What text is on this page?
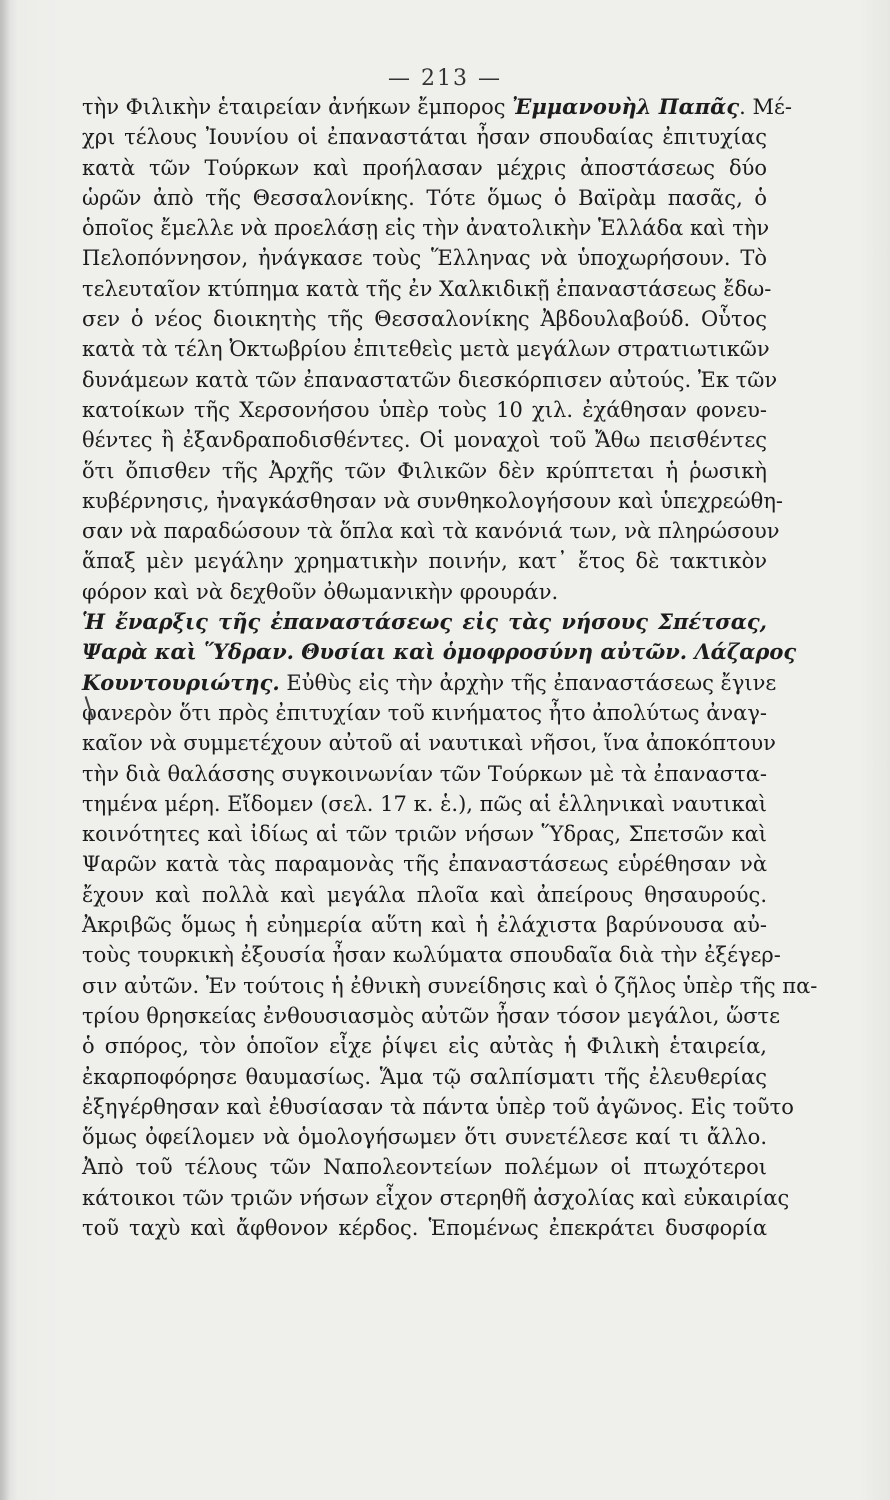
— 213 —
τὴν Φιλικὴν ἑταιρείαν ἀνήκων ἔμπορος Ἐμμανουὴλ Παπᾶς. Μέ-
χρι τέλους Ἰουνίου οἱ ἐπαναστάται ἦσαν σπουδαίας ἐπιτυχίας
κατὰ τῶν Τούρκων καὶ προήλασαν μέχρις ἀποστάσεως δύο
ὡρῶν ἀπὸ τῆς Θεσσαλονίκης. Τότε ὅμως ὁ Βαϊρὰμ πασᾶς, ὁ
ὁποῖος ἔμελλε νὰ προελάσῃ εἰς τὴν ἀνατολικὴν Ἑλλάδα καὶ τὴν
Πελοπόννησον, ἠνάγκασε τοὺς Ἕλληνας νὰ ὑποχωρήσουν. Τὸ
τελευταῖον κτύπημα κατὰ τῆς ἐν Χαλκιδικῇ ἐπαναστάσεως ἔδω-
σεν ὁ νέος διοικητὴς τῆς Θεσσαλονίκης Ἀβδουλαβούδ. Οὗτος
κατὰ τὰ τέλη Ὀκτωβρίου ἐπιτεθεὶς μετὰ μεγάλων στρατιωτικῶν
δυνάμεων κατὰ τῶν ἐπαναστατῶν διεσκόρπισεν αὐτούς. Ἐκ τῶν
κατοίκων τῆς Χερσονήσου ὑπὲρ τοὺς 10 χιλ. ἐχάθησαν φονευ-
θέντες ἢ ἐξανδραποδισθέντες. Οἱ μοναχοὶ τοῦ Ἄθω πεισθέντες
ὅτι ὄπισθεν τῆς Ἀρχῆς τῶν Φιλικῶν δὲν κρύπτεται ἡ ῥωσικὴ
κυβέρνησις, ἠναγκάσθησαν νὰ συνθηκολογήσουν καὶ ὑπεχρεώθη-
σαν νὰ παραδώσουν τὰ ὅπλα καὶ τὰ κανόνιά των, νὰ πληρώσουν
ἅπαξ μὲν μεγάλην χρηματικὴν ποινήν, κατ᾽ ἔτος δὲ τακτικὸν
φόρον καὶ νὰ δεχθοῦν ὀθωμανικὴν φρουράν.
Ἡ ἔναρξις τῆς ἐπαναστάσεως εἰς τὰς νήσους Σπέτσας,
Ψαρὰ καὶ Ὕδραν. Θυσίαι καὶ ὁμοφροσύνη αὐτῶν. Λάζαρος
Κουντουριώτης. Εὐθὺς εἰς τὴν ἀρχὴν τῆς ἐπαναστάσεως ἔγινε
φανερὸν ὅτι πρὸς ἐπιτυχίαν τοῦ κινήματος ἦτο ἀπολύτως ἀναγ-
καῖον νὰ συμμετέχουν αὐτοῦ αἱ ναυτικαὶ νῆσοι, ἵνα ἀποκόπτουν
τὴν διὰ θαλάσσης συγκοινωνίαν τῶν Τούρκων μὲ τὰ ἐπαναστα-
τημένα μέρη. Εἴδομεν (σελ. 17 κ. ἑ.), πῶς αἱ ἑλληνικαὶ ναυτικαὶ
κοινότητες καὶ ἰδίως αἱ τῶν τριῶν νήσων Ὕδρας, Σπετσῶν καὶ
Ψαρῶν κατὰ τὰς παραμονὰς τῆς ἐπαναστάσεως εὑρέθησαν νὰ
ἔχουν καὶ πολλὰ καὶ μεγάλα πλοῖα καὶ ἀπείρους θησαυρούς.
Ἀκριβῶς ὅμως ἡ εὐημερία αὕτη καὶ ἡ ἐλάχιστα βαρύνουσα αὐ-
τοὺς τουρκικὴ ἐξουσία ἦσαν κωλύματα σπουδαῖα διὰ τὴν ἐξέγερ-
σιν αὐτῶν. Ἐν τούτοις ἡ ἐθνικὴ συνείδησις καὶ ὁ ζῆλος ὑπὲρ τῆς πα-
τρίου θρησκείας ἐνθουσιασμὸς αὐτῶν ἦσαν τόσον μεγάλοι, ὥστε
ὁ σπόρος, τὸν ὁποῖον εἶχε ῥίψει εἰς αὐτὰς ἡ Φιλικὴ ἑταιρεία,
ἐκαρποφόρησε θαυμασίως. Ἅμα τῷ σαλπίσματι τῆς ἐλευθερίας
ἐξηγέρθησαν καὶ ἐθυσίασαν τὰ πάντα ὑπὲρ τοῦ ἀγῶνος. Εἰς τοῦτο
ὅμως ὀφείλομεν νὰ ὁμολογήσωμεν ὅτι συνετέλεσε καί τι ἄλλο.
Ἀπὸ τοῦ τέλους τῶν Ναπολεοντείων πολέμων οἱ πτωχότεροι
κάτοικοι τῶν τριῶν νήσων εἶχον στερηθῆ ἀσχολίας καὶ εὐκαιρίας
τοῦ ταχὺ καὶ ἄφθονον κέρδος. Ἑπομένως ἐπεκράτει δυσφορία
